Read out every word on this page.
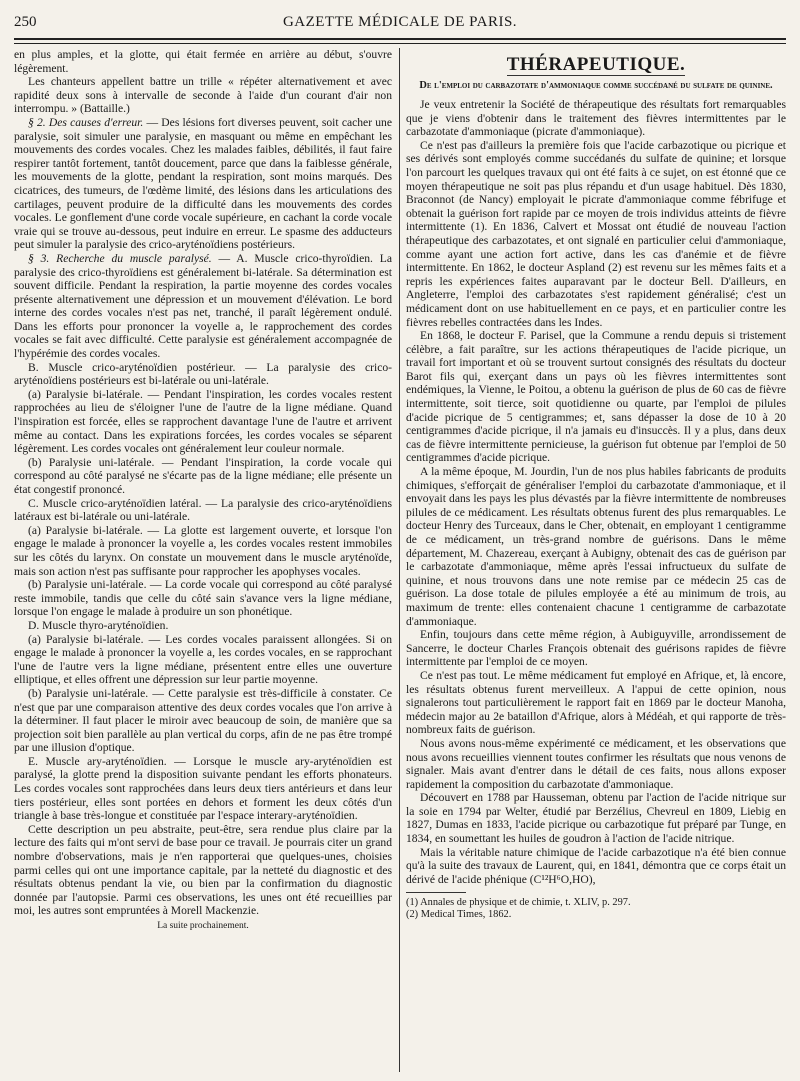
250	GAZETTE MÉDICALE DE PARIS.

en plus amples, et la glotte, qui était fermée en arrière au début, s'ouvre légèrement.

Les chanteurs appellent battre un trille « répéter alternativement et avec rapidité deux sons à intervalle de seconde à l'aide d'un courant d'air non interrompu. » (Battaille.)

§ 2. Des causes d'erreur. — Des lésions fort diverses peuvent, soit cacher une paralysie, soit simuler une paralysie, en masquant ou même en empêchant les mouvements des cordes vocales. Chez les malades faibles, débilités, il faut faire respirer tantôt fortement, tantôt doucement, parce que dans la faiblesse générale, les mouvements de la glotte, pendant la respiration, sont moins marqués. Des cicatrices, des tumeurs, de l'œdème limité, des lésions dans les articulations des cartilages, peuvent produire de la difficulté dans les mouvements des cordes vocales. Le gonflement d'une corde vocale supérieure, en cachant la corde vocale vraie qui se trouve au-dessous, peut induire en erreur. Le spasme des adducteurs peut simuler la paralysie des crico-aryténoïdiens postérieurs.

§ 3. Recherche du muscle paralysé. — A. Muscle crico-thyroïdien. La paralysie des crico-thyroïdiens est généralement bi-latérale. Sa détermination est souvent difficile. Pendant la respiration, la partie moyenne des cordes vocales présente alternativement une dépression et un mouvement d'élévation. Le bord interne des cordes vocales n'est pas net, tranché, il paraît légèrement ondulé. Dans les efforts pour prononcer la voyelle a, le rapprochement des cordes vocales se fait avec difficulté. Cette paralysie est généralement accompagnée de l'hypérémie des cordes vocales.

B. Muscle crico-aryténoïdien postérieur. — La paralysie des crico-aryténoïdiens postérieurs est bi-latérale ou uni-latérale.

(a) Paralysie bi-latérale. — Pendant l'inspiration, les cordes vocales restent rapprochées au lieu de s'éloigner l'une de l'autre de la ligne médiane. Quand l'inspiration est forcée, elles se rapprochent davantage l'une de l'autre et arrivent même au contact. Dans les expirations forcées, les cordes vocales se séparent légèrement. Les cordes vocales ont généralement leur couleur normale.

(b) Paralysie uni-latérale. — Pendant l'inspiration, la corde vocale qui correspond au côté paralysé ne s'écarte pas de la ligne médiane; elle présente un état congestif prononcé.

C. Muscle crico-aryténoïdien latéral. — La paralysie des crico-aryténoïdiens latéraux est bi-latérale ou uni-latérale.

(a) Paralysie bi-latérale. — La glotte est largement ouverte, et lorsque l'on engage le malade à prononcer la voyelle a, les cordes vocales restent immobiles sur les côtés du larynx. On constate un mouvement dans le muscle aryténoïde, mais son action n'est pas suffisante pour rapprocher les apophyses vocales.

(b) Paralysie uni-latérale. — La corde vocale qui correspond au côté paralysé reste immobile, tandis que celle du côté sain s'avance vers la ligne médiane, lorsque l'on engage le malade à produire un son phonétique.

D. Muscle thyro-aryténoïdien.

(a) Paralysie bi-latérale. — Les cordes vocales paraissent allongées. Si on engage le malade à prononcer la voyelle a, les cordes vocales, en se rapprochant l'une de l'autre vers la ligne médiane, présentent entre elles une ouverture elliptique, et elles offrent une dépression sur leur partie moyenne.

(b) Paralysie uni-latérale. — Cette paralysie est très-difficile à constater. Ce n'est que par une comparaison attentive des deux cordes vocales que l'on arrive à la déterminer. Il faut placer le miroir avec beaucoup de soin, de manière que sa projection soit bien parallèle au plan vertical du corps, afin de ne pas être trompé par une illusion d'optique.

E. Muscle ary-aryténoïdien. — Lorsque le muscle ary-aryténoïdien est paralysé, la glotte prend la disposition suivante pendant les efforts phonateurs. Les cordes vocales sont rapprochées dans leurs deux tiers antérieurs et dans leur tiers postérieur, elles sont portées en dehors et forment les deux côtés d'un triangle à base très-longue et constituée par l'espace interary-aryténoïdien.

Cette description un peu abstraite, peut-être, sera rendue plus claire par la lecture des faits qui m'ont servi de base pour ce travail. Je pourrais citer un grand nombre d'observations, mais je n'en rapporterai que quelques-unes, choisies parmi celles qui ont une importance capitale, par la netteté du diagnostic et des résultats obtenus pendant la vie, ou bien par la confirmation du diagnostic donnée par l'autopsie. Parmi ces observations, les unes ont été recueillies par moi, les autres sont empruntées à Morell Mackenzie.

La suite prochainement.
THÉRAPEUTIQUE.
De l'emploi du carbazotate d'ammoniaque comme succédané du sulfate de quinine.

Je veux entretenir la Société de thérapeutique des résultats fort remarquables que je viens d'obtenir dans le traitement des fièvres intermittentes par le carbazotate d'ammoniaque (picrate d'ammoniaque).

Ce n'est pas d'ailleurs la première fois que l'acide carbazotique ou picrique et ses dérivés sont employés comme succédanés du sulfate de quinine; et lorsque l'on parcourt les quelques travaux qui ont été faits à ce sujet, on est étonné que ce moyen thérapeutique ne soit pas plus répandu et d'un usage habituel. Dès 1830, Braconnot (de Nancy) employait le picrate d'ammoniaque comme fébrifuge et obtenait la guérison fort rapide par ce moyen de trois individus atteints de fièvre intermittente (1). En 1836, Calvert et Mossat ont étudié de nouveau l'action thérapeutique des carbazotates, et ont signalé en particulier celui d'ammoniaque, comme ayant une action fort active, dans les cas d'anémie et de fièvre intermittente. En 1862, le docteur Aspland (2) est revenu sur les mêmes faits et a repris les expériences faites auparavant par le docteur Bell. D'ailleurs, en Angleterre, l'emploi des carbazotates s'est rapidement généralisé; c'est un médicament dont on use habituellement en ce pays, et en particulier contre les fièvres rebelles contractées dans les Indes.

En 1868, le docteur F. Parisel, que la Commune a rendu depuis si tristement célèbre, a fait paraître, sur les actions thérapeutiques de l'acide picrique, un travail fort important et où se trouvent surtout consignés des résultats du docteur Barot fils qui, exerçant dans un pays où les fièvres intermittentes sont endémiques, la Vienne, le Poitou, a obtenu la guérison de plus de 60 cas de fièvre intermittente, soit tierce, soit quotidienne ou quarte, par l'emploi de pilules d'acide picrique de 5 centigrammes; et, sans dépasser la dose de 10 à 20 centigrammes d'acide picrique, il n'a jamais eu d'insuccès. Il y a plus, dans deux cas de fièvre intermittente pernicieuse, la guérison fut obtenue par l'emploi de 50 centigrammes d'acide picrique.

A la même époque, M. Jourdin, l'un de nos plus habiles fabricants de produits chimiques, s'efforçait de généraliser l'emploi du carbazotate d'ammoniaque, et il envoyait dans les pays les plus dévastés par la fièvre intermittente de nombreuses pilules de ce médicament. Les résultats obtenus furent des plus remarquables. Le docteur Henry des Turceaux, dans le Cher, obtenait, en employant 1 centigramme de ce médicament, un très-grand nombre de guérisons. Dans le même département, M. Chazereau, exerçant à Aubigny, obtenait des cas de guérison par le carbazotate d'ammoniaque, même après l'essai infructueux du sulfate de quinine, et nous trouvons dans une note remise par ce médecin 25 cas de guérison. La dose totale de pilules employée a été au minimum de trois, au maximum de trente: elles contenaient chacune 1 centigramme de carbazotate d'ammoniaque.

Enfin, toujours dans cette même région, à Aubiguyville, arrondissement de Sancerre, le docteur Charles François obtenait des guérisons rapides de fièvre intermittente par l'emploi de ce moyen.

Ce n'est pas tout. Le même médicament fut employé en Afrique, et, là encore, les résultats obtenus furent merveilleux. A l'appui de cette opinion, nous signalerons tout particulièrement le rapport fait en 1869 par le docteur Manoha, médecin major au 2e bataillon d'Afrique, alors à Médéah, et qui rapporte de très-nombreux faits de guérison.

Nous avons nous-même expérimenté ce médicament, et les observations que nous avons recueillies viennent toutes confirmer les résultats que nous venons de signaler. Mais avant d'entrer dans le détail de ces faits, nous allons exposer rapidement la composition du carbazotate d'ammoniaque.

Découvert en 1788 par Hausseman, obtenu par l'action de l'acide nitrique sur la soie en 1794 par Welter, étudié par Berzélius, Chevreul en 1809, Liebig en 1827, Dumas en 1833, l'acide picrique ou carbazotique fut préparé par Tunge, en 1834, en soumettant les huiles de goudron à l'action de l'acide nitrique.

Mais la véritable nature chimique de l'acide carbazotique n'a été bien connue qu'à la suite des travaux de Laurent, qui, en 1841, démontra que ce corps était un dérivé de l'acide phénique (C¹²H⁶O,HO),

(1) Annales de physique et de chimie, t. XLIV, p. 297.
(2) Medical Times, 1862.
